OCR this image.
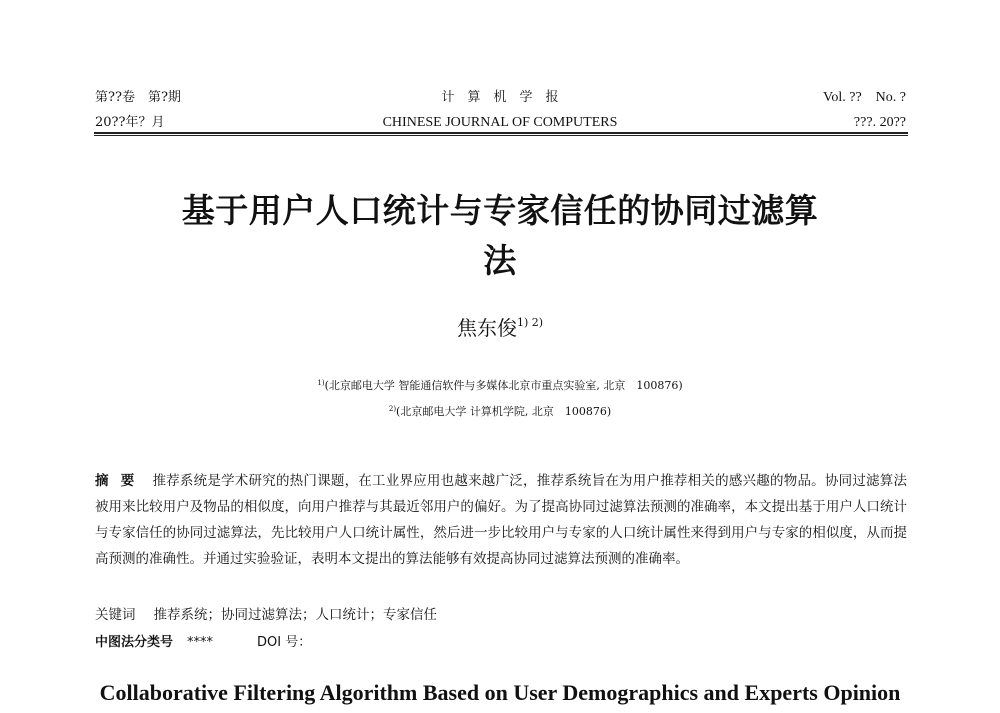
第??卷　第?期	计　算　机　学　报	Vol. ??　No. ?
20??年？月	CHINESE JOURNAL OF COMPUTERS	???. 20??
基于用户人口统计与专家信任的协同过滤算
法
焦东俊$^{1) 2)}$
$^{1)}$(北京邮电大学 智能通信软件与多媒体北京市重点实验室, 北京　100876)
$^{2)}$(北京邮电大学 计算机学院, 北京　100876)
摘要 推荐系统是学术研究的热门课题，在工业界应用也越来越广泛，推荐系统旨在为用户推荐相关的感兴趣的物品。协同过滤算法被用来比较用户及物品的相似度，向用户推荐与其最近邻用户的偏好。为了提高协同过滤算法预测的准确率，本文提出基于用户人口统计与专家信任的协同过滤算法，先比较用户人口统计属性，然后进一步比较用户与专家的人口统计属性来得到用户与专家的相似度，从而提高预测的准确性。并通过实验验证，表明本文提出的算法能够有效提高协同过滤算法预测的准确率。
关键词 推荐系统；协同过滤算法；人口统计；专家信任
中图法分类号 ****	DOI 号：
Collaborative Filtering Algorithm Based on User Demographics and Experts Opinion
